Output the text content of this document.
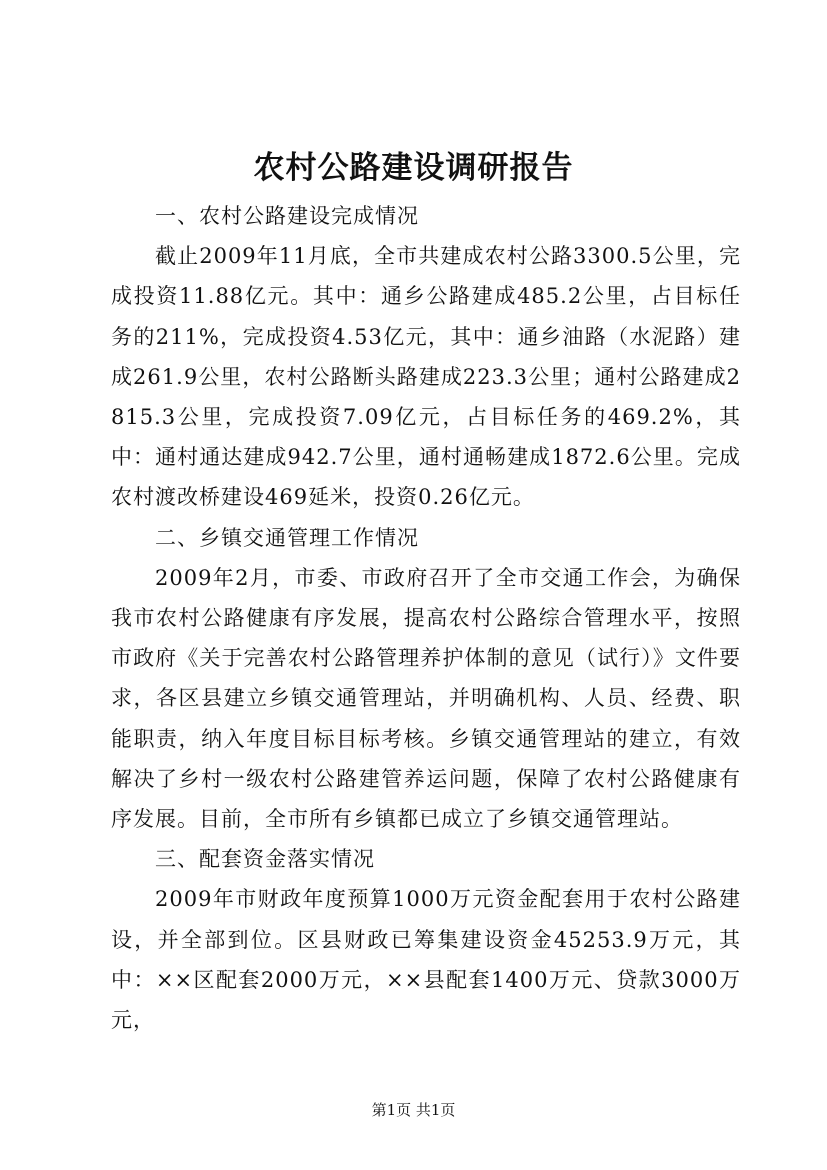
农村公路建设调研报告

一、农村公路建设完成情况

截止2009年11月底，全市共建成农村公路3300.5公里，完成投资11.88亿元。其中：通乡公路建成485.2公里，占目标任务的211%，完成投资4.53亿元，其中：通乡油路（水泥路）建成261.9公里，农村公路断头路建成223.3公里；通村公路建成2815.3公里，完成投资7.09亿元，占目标任务的469.2%，其中：通村通达建成942.7公里，通村通畅建成1872.6公里。完成农村渡改桥建设469延米，投资0.26亿元。

二、乡镇交通管理工作情况

2009年2月，市委、市政府召开了全市交通工作会，为确保我市农村公路健康有序发展，提高农村公路综合管理水平，按照市政府《关于完善农村公路管理养护体制的意见（试行）》文件要求，各区县建立乡镇交通管理站，并明确机构、人员、经费、职能职责，纳入年度目标目标考核。乡镇交通管理站的建立，有效解决了乡村一级农村公路建管养运问题，保障了农村公路健康有序发展。目前，全市所有乡镇都已成立了乡镇交通管理站。

三、配套资金落实情况

2009年市财政年度预算1000万元资金配套用于农村公路建设，并全部到位。区县财政已筹集建设资金45253.9万元，其中：××区配套2000万元，××县配套1400万元、贷款3000万元，

第1页 共1页
